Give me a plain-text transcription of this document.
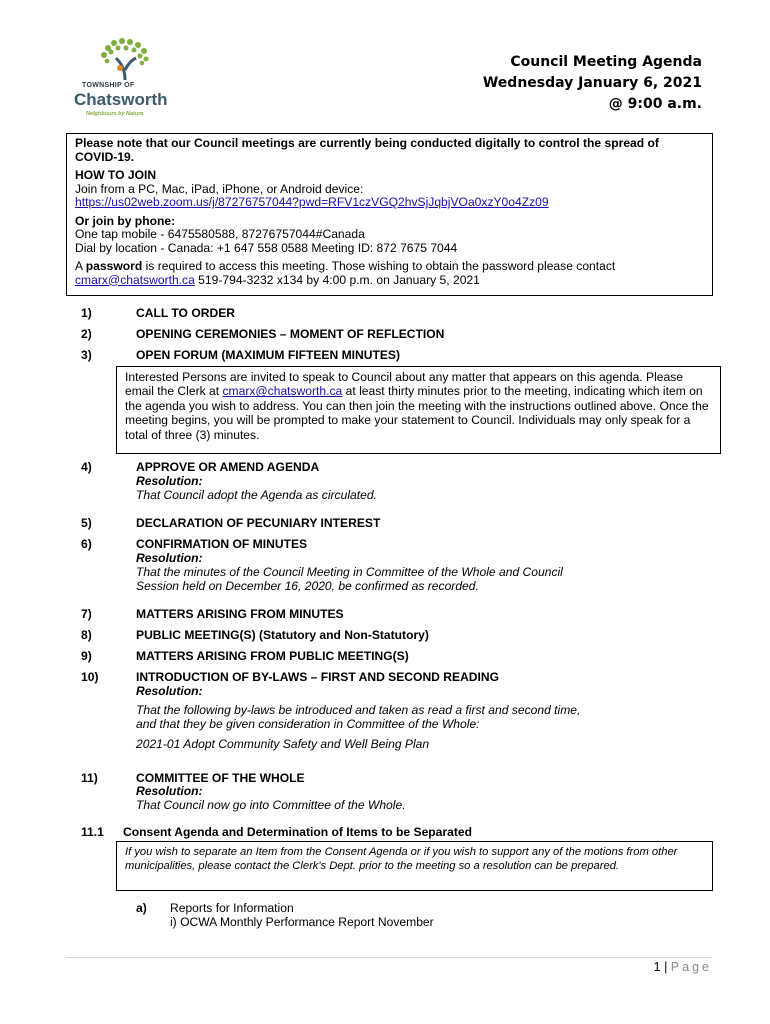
TOWNSHIP OF
Chatsworth
Neighbours by Nature
Council Meeting Agenda
Wednesday January 6, 2021
@ 9:00 a.m.

Please note that our Council meetings are currently being conducted digitally to control the spread of COVID-19.

HOW TO JOIN

Join from a PC, Mac, iPad, iPhone, or Android device:

https://us02web.zoom.us/j/87276757044?pwd=RFV1czVGQ2hvSjJqbjVOa0xzY0o4Zz09

Or join by phone:

One tap mobile - 6475580588, 87276757044#Canada

Dial by location - Canada: +1 647 558 0588 Meeting ID: 872 7675 7044

A password is required to access this meeting. Those wishing to obtain the password please contact cmarx@chatsworth.ca 519-794-3232 x134 by 4:00 p.m. on January 5, 2021

1)	CALL TO ORDER
2)	OPENING CEREMONIES – MOMENT OF REFLECTION
3)	OPEN FORUM (MAXIMUM FIFTEEN MINUTES)
Interested Persons are invited to speak to Council about any matter that appears on this agenda. Please email the Clerk at cmarx@chatsworth.ca at least thirty minutes prior to the meeting, indicating which item on the agenda you wish to address. You can then join the meeting with the instructions outlined above. Once the meeting begins, you will be prompted to make your statement to Council. Individuals may only speak for a total of three (3) minutes.
4)	APPROVE OR AMEND AGENDA
Resolution:
That Council adopt the Agenda as circulated.
5)	DECLARATION OF PECUNIARY INTEREST
6)	CONFIRMATION OF MINUTES
Resolution:
That the minutes of the Council Meeting in Committee of the Whole and Council
Session held on December 16, 2020, be confirmed as recorded.
7)	MATTERS ARISING FROM MINUTES
8)	PUBLIC MEETING(S) (Statutory and Non-Statutory)
9)	MATTERS ARISING FROM PUBLIC MEETING(S)
10)	INTRODUCTION OF BY-LAWS – FIRST AND SECOND READING
Resolution:
That the following by-laws be introduced and taken as read a first and second time,
and that they be given consideration in Committee of the Whole:
2021-01 Adopt Community Safety and Well Being Plan
11)	COMMITTEE OF THE WHOLE
Resolution:
That Council now go into Committee of the Whole.
11.1 Consent Agenda and Determination of Items to be Separated
If you wish to separate an Item from the Consent Agenda or if you wish to support any of the motions from other municipalities, please contact the Clerk's Dept. prior to the meeting so a resolution can be prepared.
a) Reports for Information
i) OCWA Monthly Performance Report November
1 | Page
